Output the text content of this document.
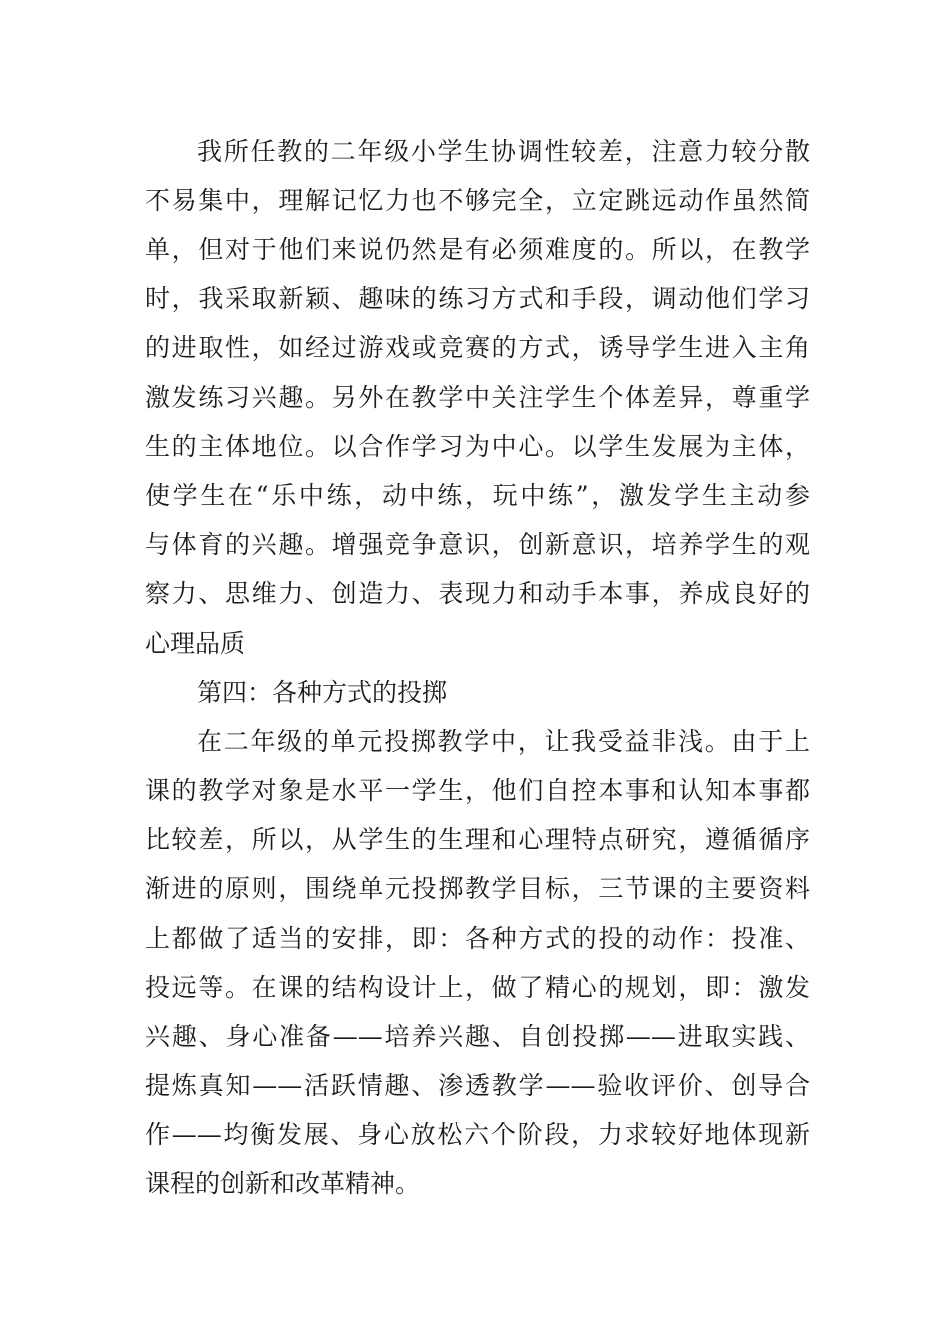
我所任教的二年级小学生协调性较差，注意力较分散
不易集中，理解记忆力也不够完全，立定跳远动作虽然简
单，但对于他们来说仍然是有必须难度的。所以，在教学
时，我采取新颖、趣味的练习方式和手段，调动他们学习
的进取性，如经过游戏或竞赛的方式，诱导学生进入主角
激发练习兴趣。另外在教学中关注学生个体差异，尊重学
生的主体地位。以合作学习为中心。以学生发展为主体，
使学生在“乐中练，动中练，玩中练”，激发学生主动参
与体育的兴趣。增强竞争意识，创新意识，培养学生的观
察力、思维力、创造力、表现力和动手本事，养成良好的
心理品质
第四：各种方式的投掷
在二年级的单元投掷教学中，让我受益非浅。由于上
课的教学对象是水平一学生，他们自控本事和认知本事都
比较差，所以，从学生的生理和心理特点研究，遵循循序
渐进的原则，围绕单元投掷教学目标，三节课的主要资料
上都做了适当的安排，即：各种方式的投的动作：投准、
投远等。在课的结构设计上，做了精心的规划，即：激发
兴趣、身心准备——培养兴趣、自创投掷——进取实践、
提炼真知——活跃情趣、渗透教学——验收评价、创导合
作——均衡发展、身心放松六个阶段，力求较好地体现新
课程的创新和改革精神。
